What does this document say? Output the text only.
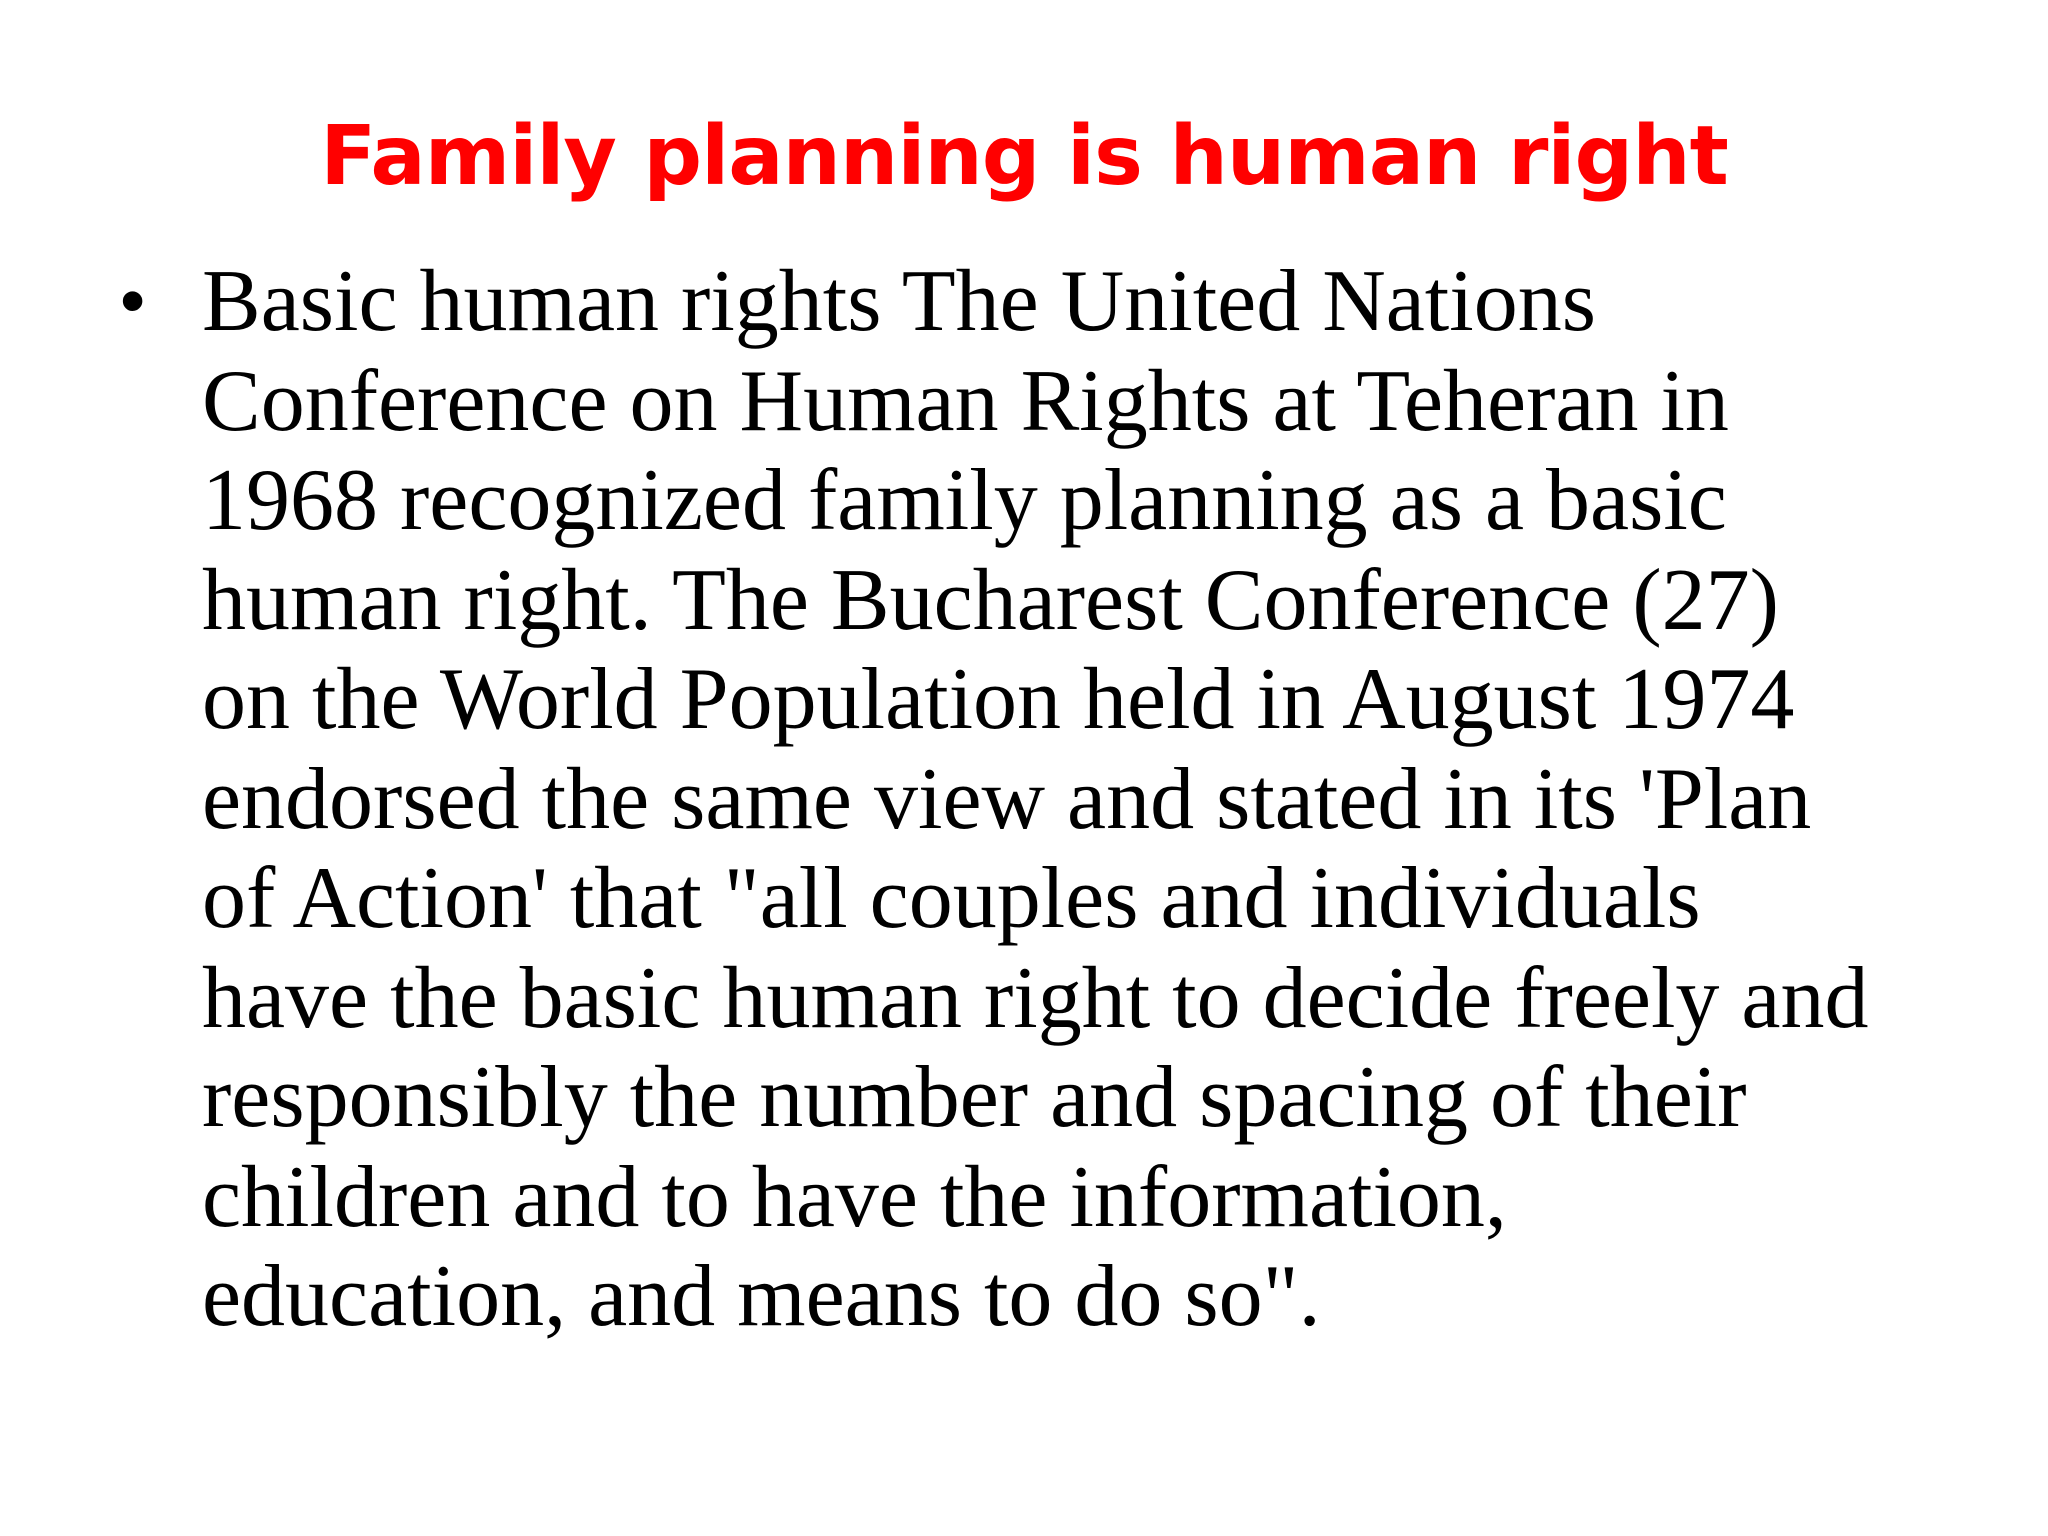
Family planning is human right
• Basic human rights The United Nations
Conference on Human Rights at Teheran in
1968 recognized family planning as a basic
human right. The Bucharest Conference (27)
on the World Population held in August 1974
endorsed the same view and stated in its 'Plan
of Action' that "all couples and individuals
have the basic human right to decide freely and
responsibly the number and spacing of their
children and to have the information,
education, and means to do so".
